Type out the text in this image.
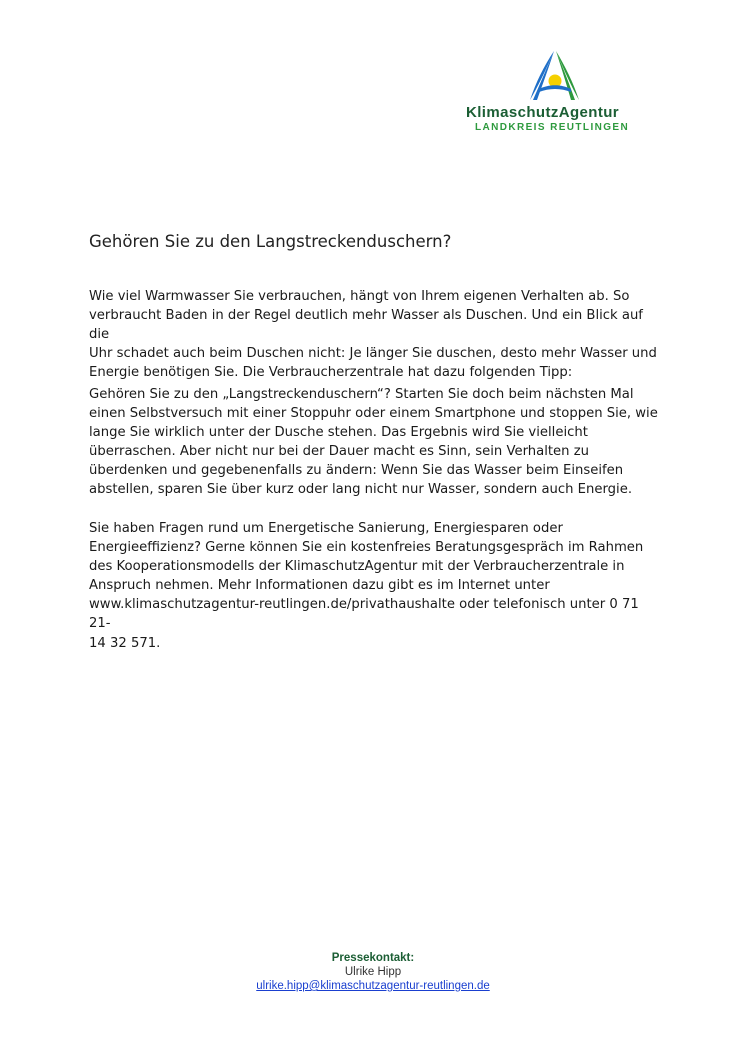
KlimaschutzAgentur
LANDKREIS REUTLINGEN
Gehören Sie zu den Langstreckenduschern?

Wie viel Warmwasser Sie verbrauchen, hängt von Ihrem eigenen Verhalten ab. So
verbraucht Baden in der Regel deutlich mehr Wasser als Duschen. Und ein Blick auf die
Uhr schadet auch beim Duschen nicht: Je länger Sie duschen, desto mehr Wasser und
Energie benötigen Sie. Die Verbraucherzentrale hat dazu folgenden Tipp:

Gehören Sie zu den „Langstreckenduschern“? Starten Sie doch beim nächsten Mal
einen Selbstversuch mit einer Stoppuhr oder einem Smartphone und stoppen Sie, wie
lange Sie wirklich unter der Dusche stehen. Das Ergebnis wird Sie vielleicht
überraschen. Aber nicht nur bei der Dauer macht es Sinn, sein Verhalten zu
überdenken und gegebenenfalls zu ändern: Wenn Sie das Wasser beim Einseifen
abstellen, sparen Sie über kurz oder lang nicht nur Wasser, sondern auch Energie.

Sie haben Fragen rund um Energetische Sanierung, Energiesparen oder
Energieeffizienz? Gerne können Sie ein kostenfreies Beratungsgespräch im Rahmen
des Kooperationsmodells der KlimaschutzAgentur mit der Verbraucherzentrale in
Anspruch nehmen. Mehr Informationen dazu gibt es im Internet unter
www.klimaschutzagentur-reutlingen.de/privathaushalte oder telefonisch unter 0 71 21-
14 32 571.

Pressekontakt:
Ulrike Hipp
ulrike.hipp@klimaschutzagentur-reutlingen.de
